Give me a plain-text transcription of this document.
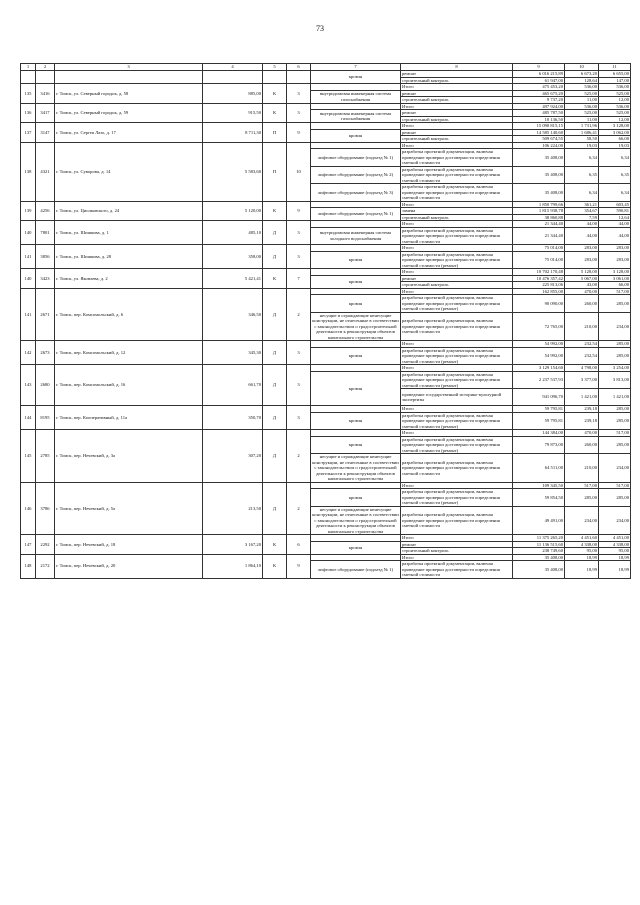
73
1	2	3	4	5	6	7	8	9	10	11
						кровля	ремонт	6 016 215,89	6 673,20	6 655,00
							строительный контроль	61 947,00	128,64	147,00
135	3416	г. Томск, ул. Северный городок, д. 58	885,00	К	3		Итого	475 453,20	536,00	536,00
						внутридомовая инженерная система газоснабжения	ремонт	465 675,20	525,00	525,00
							строительный контроль	9 737,20	11,00	12,00
136	3417	г. Томск, ул. Северный городок, д. 59	915,50	К	3		Итого	497 924,00	536,00	536,00
						внутридомовая инженерная система газоснабжения	ремонт	485 787,50	525,00	525,00
							строительный контроль	10 136,50	11,00	12,00
137	3147	г. Томск, ул. Сергея Лазо, д. 17	8 711,30	П	9		Итого	15 090 815,15	1 731,96	3 128,00
						кровля	ремонт	14 585 140,60	1 686,41	3 062,00
							строительный контроль	509 674,55	58,50	66,00
138	4321	г. Томск, ул. Суворова, д. 14	5 583,60	П	10		Итого	106 224,00	19,03	19,03
						лифтовое оборудование (подъезд № 1)	разработка проектной документации, включая проведение проверки достоверности определения сметной стоимости	35 408,00	6,34	6,34
						лифтовое оборудование (подъезд № 2)	разработка проектной документации, включая проведение проверки достоверности определения сметной стоимости	35 408,00	6,35	6,35
						лифтовое оборудование (подъезд № 3)	разработка проектной документации, включая проведение проверки достоверности определения сметной стоимости	35 408,00	6,34	6,34
139	4256	г. Томск, ул. Циолковского, д. 24	5 120,00	К	9		Итого	1 850 799,66	361,21	603,45
						лифтовое оборудование (подъезд № 1)	замена	1 815 938,78	354,67	590,81
							строительный контроль	38 860,88	7,59	12,64
140	7801	г. Томск, ул. Шишкова, д. 1	485,10	Д	3		Итого	21 344,40	44,00	44,00
						внутридомовая инженерная система холодного водоснабжения	разработка проектной документации, включая проведение проверки достоверности определения сметной стоимости	21 344,40	44,00	44,00
141	3856	г. Томск, ул. Шишкова, д. 28	358,00	Д	3		Итого	75 014,00	283,00	283,00
						кровля	разработка проектной документации, включая проведение проверки достоверности определения сметной стоимости (ремонт)	75 014,00	283,00	283,00
140	3423	г. Томск, ул. Яковлева, д. 2	5 421,41	К	7		Итого	10 702 170,48	5 128,00	3 128,00
						кровля	ремонт	10 476 357,42	5 067,00	3 061,00
							строительный контроль	225 813,06	43,00	66,00
141	2671	г. Томск, пер. Комсомольский, д. 6	346,50	Д	2		Итого	162 855,00	470,00	517,00
						кровля	разработка проектной документации, включая проведение проверки достоверности определения сметной стоимости (ремонт)	90 090,00	260,00	285,00
						несущие и ограждающие ненесущие конструкции, не отнесенные в соответствии с законодательством о градостроительной деятельности к реконструкции объектов капитального строительства	разработка проектной документации, включая проведение проверки достоверности определения сметной стоимости	72 765,00	210,00	234,00
142	2673	г. Томск, пер. Комсомольский, д. 12	345,30	Д	3		Итого	54 992,00	232,54	285,00
						кровля	разработка проектной документации, включая проведение проверки достоверности определения сметной стоимости (ремонт)	54 992,00	232,54	285,00
143	2680	г. Томск, пер. Комсомольский, д. 16	661,70	Д	3		Итого	3 129 154,60	4 798,00	3 254,00
						кровля	разработка проектной документации, включая проведение проверки достоверности определения сметной стоимости (ремонт)	2 237 537,93	3 377,00	3 813,00
							проведение государственной историко-культурной экспертизы	941 096,70	1 421,00	1 421,00
144	8195	г. Томск, пер. Кооперативный, д. 11а	350,70	Д	3		Итого	59 795,81	239,18	285,00
						кровля	разработка проектной документации, включая проведение проверки достоверности определения сметной стоимости (ремонт)	59 795,81	239,18	285,00
145	2785	г. Томск, пер. Нечевский, д. 3а	307,20	Д	2		Итого	144 384,00	470,00	517,00
						кровля	разработка проектной документации, включая проведение проверки достоверности определения сметной стоимости (ремонт)	79 873,00	260,00	285,00
						несущие и ограждающие ненесущие конструкции, не отнесенные в соответствии с законодательством о градостроительной деятельности к реконструкции объектов капитального строительства	разработка проектной документации, включая проведение проверки достоверности определения сметной стоимости	64 511,00	210,00	234,00
146	3786	г. Томск, пер. Нечевский, д. 5а	213,50	Д	2		Итого	109 345,50	517,00	517,00
						кровля	разработка проектной документации, включая проведение проверки достоверности определения сметной стоимости (ремонт)	59 854,50	285,00	285,00
						несущие и ограждающие ненесущие конструкции, не отнесенные в соответствии с законодательством о градостроительной деятельности к реконструкции объектов капитального строительства	разработка проектной документации, включая проведение проверки достоверности определения сметной стоимости	49 491,00	234,00	234,00
147	2292	г. Томск, пер. Нечевский, д. 18	3 167,20	К	6		Итого	11 375 265,20	4 451,60	4 451,00
						кровля	ремонт	11 136 515,60	4 338,00	4 338,00
							строительный контроль	238 749,60	95,00	95,00
148	2172	г. Томск, пер. Нечевский, д. 20	1 864,10	К	9		Итого	35 408,00	18,99	18,99
						лифтовое оборудование (подъезд № 1)	разработка проектной документации, включая проведение проверки достоверности определения сметной стоимости	35 408,00	18,99	18,99
